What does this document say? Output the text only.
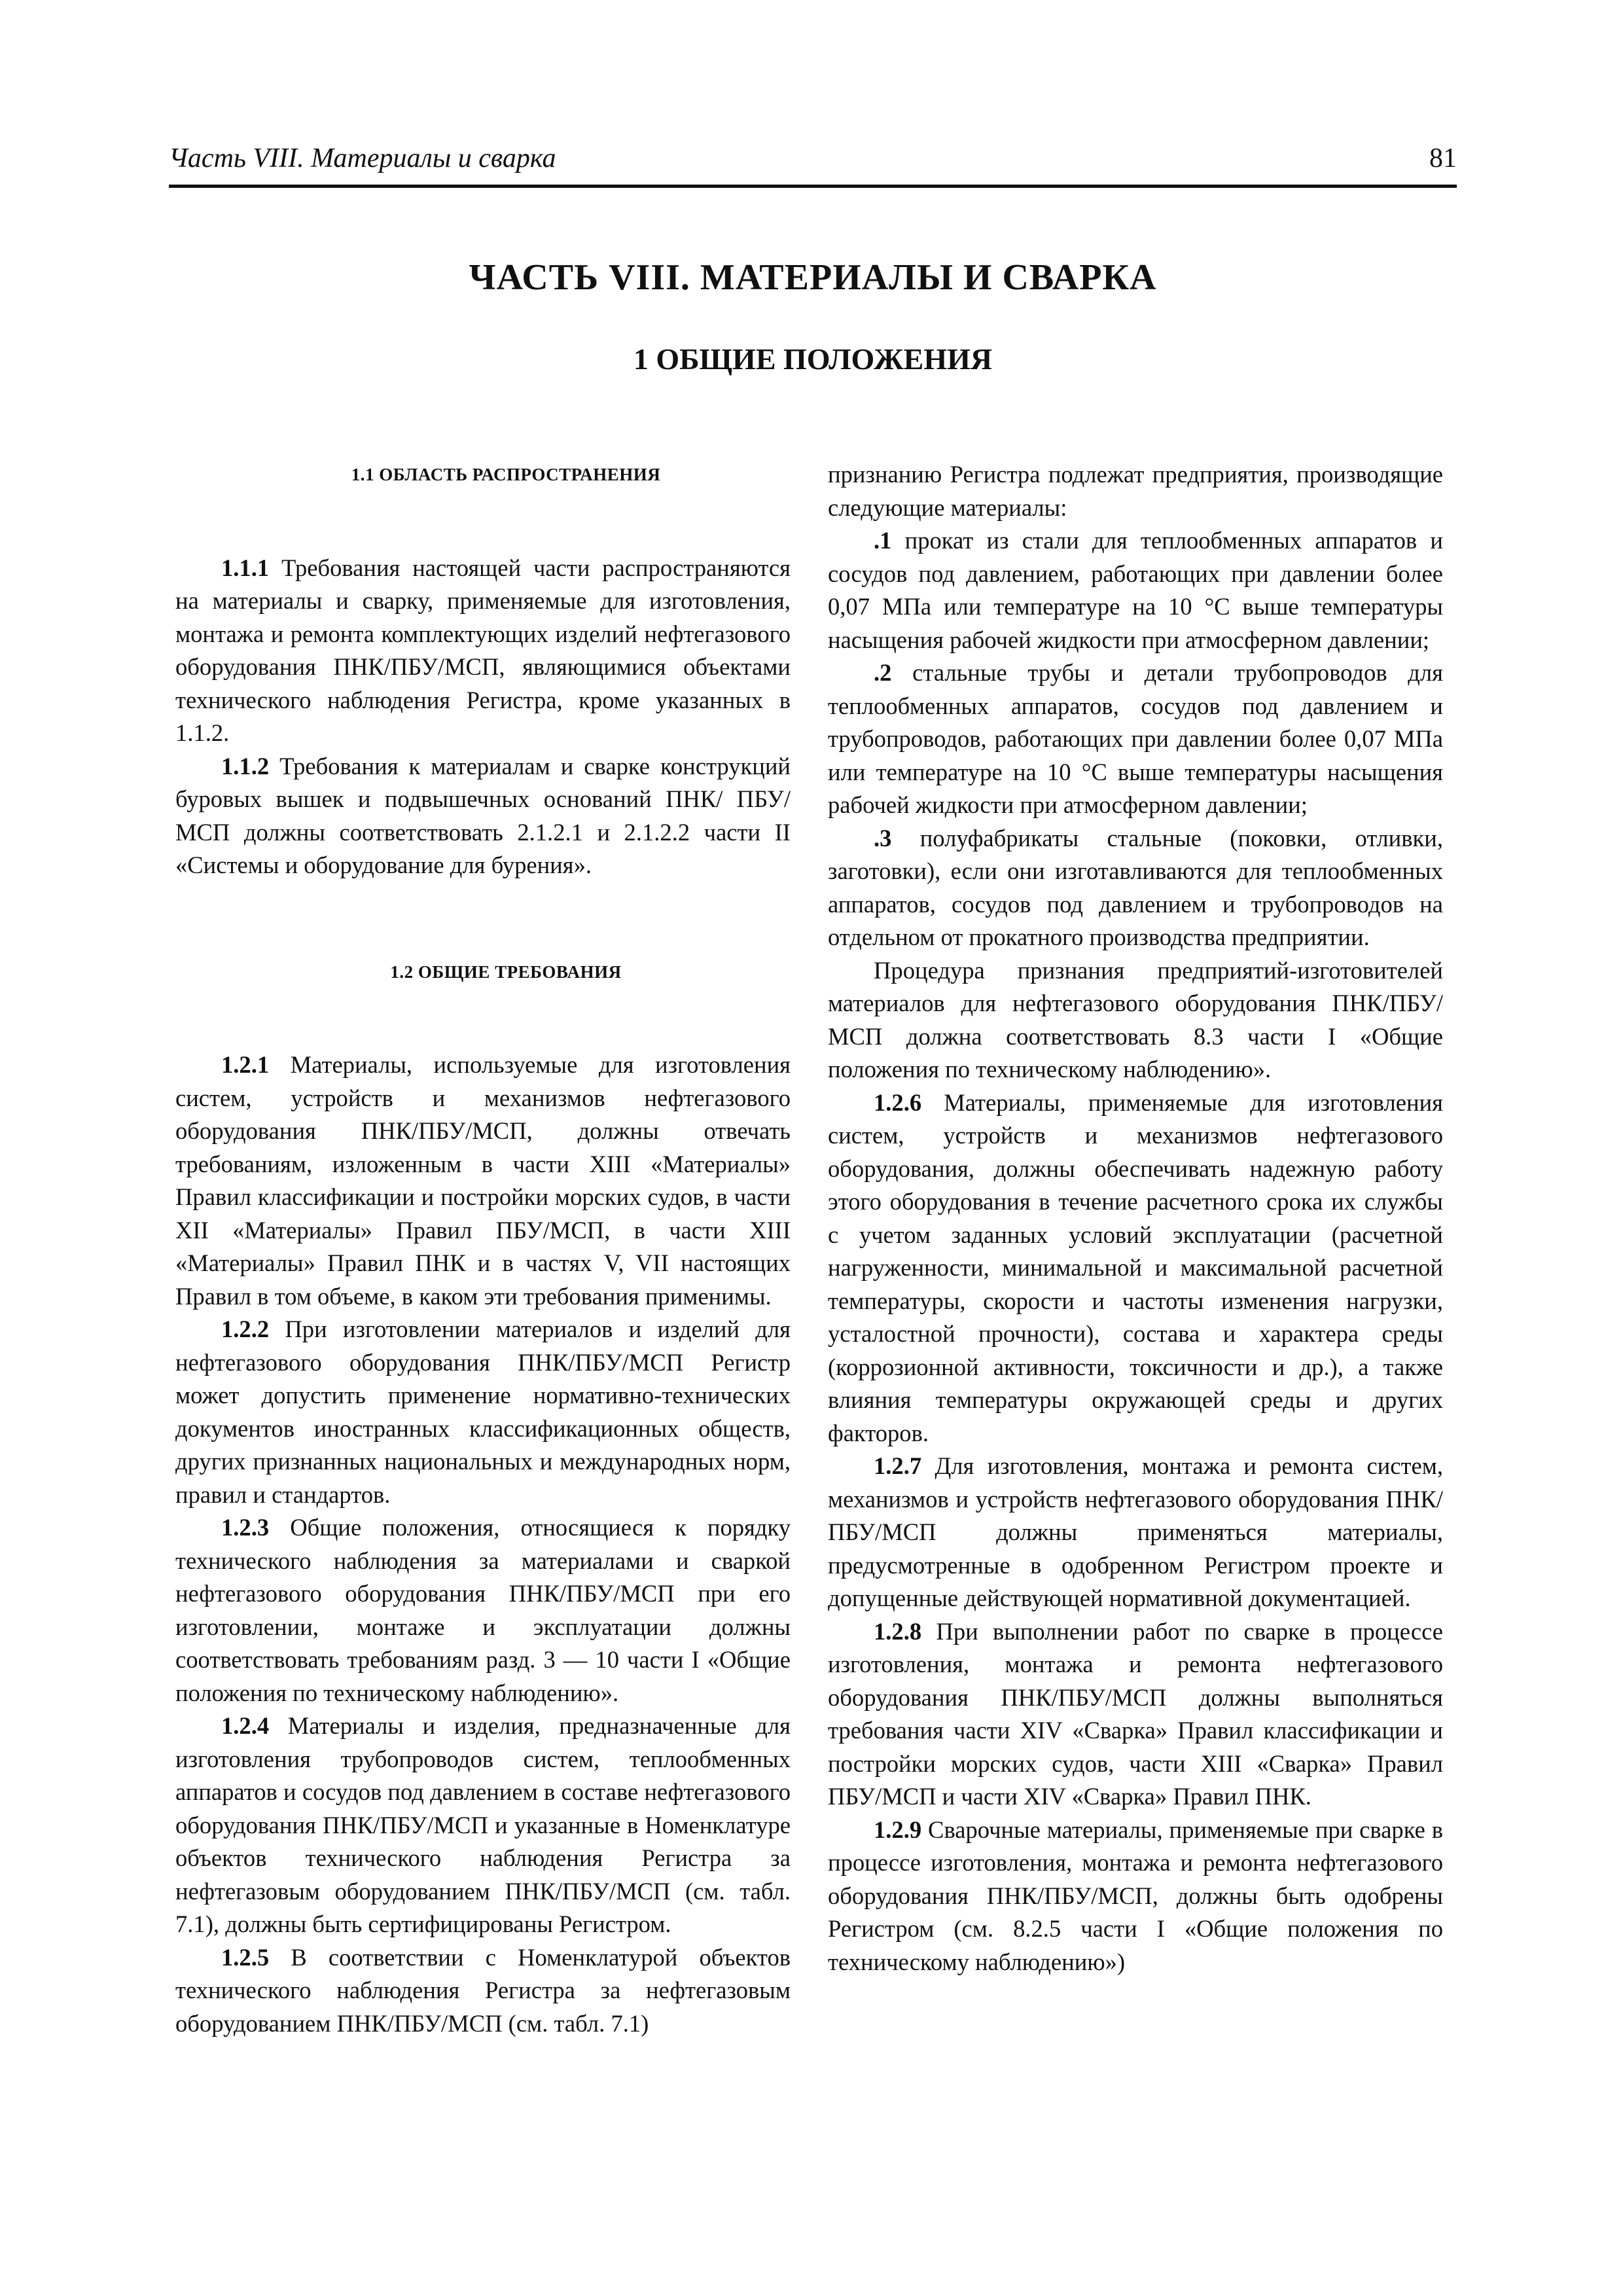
Часть VIII. Материалы и сварка	81
ЧАСТЬ VIII. МАТЕРИАЛЫ И СВАРКА
1 ОБЩИЕ ПОЛОЖЕНИЯ

1.1 ОБЛАСТЬ РАСПРОСТРАНЕНИЯ

1.1.1 Требования настоящей части распространяются на материалы и сварку, применяемые для изготовления, монтажа и ремонта комплектующих изделий нефтегазового оборудования ПНК/ПБУ/МСП, являющимися объектами технического наблюдения Регистра, кроме указанных в 1.1.2.

1.1.2 Требования к материалам и сварке конструкций буровых вышек и подвышечных оснований ПНК/ ПБУ/МСП должны соответствовать 2.1.2.1 и 2.1.2.2 части II «Системы и оборудование для бурения».

1.2 ОБЩИЕ ТРЕБОВАНИЯ

1.2.1 Материалы, используемые для изготовления систем, устройств и механизмов нефтегазового оборудования ПНК/ПБУ/МСП, должны отвечать требованиям, изложенным в части XIII «Материалы» Правил классификации и постройки морских судов, в части XII «Материалы» Правил ПБУ/МСП, в части XIII «Материалы» Правил ПНК и в частях V, VII настоящих Правил в том объеме, в каком эти требования применимы.

1.2.2 При изготовлении материалов и изделий для нефтегазового оборудования ПНК/ПБУ/МСП Регистр может допустить применение нормативно-технических документов иностранных классификационных обществ, других признанных национальных и международных норм, правил и стандартов.

1.2.3 Общие положения, относящиеся к порядку технического наблюдения за материалами и сваркой нефтегазового оборудования ПНК/ПБУ/МСП при его изготовлении, монтаже и эксплуатации должны соответствовать требованиям разд. 3 — 10 части I «Общие положения по техническому наблюдению».

1.2.4 Материалы и изделия, предназначенные для изготовления трубопроводов систем, теплообменных аппаратов и сосудов под давлением в составе нефтегазового оборудования ПНК/ПБУ/МСП и указанные в Номенклатуре объектов технического наблюдения Регистра за нефтегазовым оборудованием ПНК/ПБУ/МСП (см. табл. 7.1), должны быть сертифицированы Регистром.

1.2.5 В соответствии с Номенклатурой объектов технического наблюдения Регистра за нефтегазовым оборудованием ПНК/ПБУ/МСП (см. табл. 7.1)

признанию Регистра подлежат предприятия, производящие следующие материалы:

.1 прокат из стали для теплообменных аппаратов и сосудов под давлением, работающих при давлении более 0,07 МПа или температуре на 10 °С выше температуры насыщения рабочей жидкости при атмосферном давлении;

.2 стальные трубы и детали трубопроводов для теплообменных аппаратов, сосудов под давлением и трубопроводов, работающих при давлении более 0,07 МПа или температуре на 10 °С выше температуры насыщения рабочей жидкости при атмосферном давлении;

.3 полуфабрикаты стальные (поковки, отливки, заготовки), если они изготавливаются для теплообменных аппаратов, сосудов под давлением и трубопроводов на отдельном от прокатного производства предприятии.

Процедура признания предприятий-изготовителей материалов для нефтегазового оборудования ПНК/ПБУ/МСП должна соответствовать 8.3 части I «Общие положения по техническому наблюдению».

1.2.6 Материалы, применяемые для изготовления систем, устройств и механизмов нефтегазового оборудования, должны обеспечивать надежную работу этого оборудования в течение расчетного срока их службы с учетом заданных условий эксплуатации (расчетной нагруженности, минимальной и максимальной расчетной температуры, скорости и частоты изменения нагрузки, усталостной прочности), состава и характера среды (коррозионной активности, токсичности и др.), а также влияния температуры окружающей среды и других факторов.

1.2.7 Для изготовления, монтажа и ремонта систем, механизмов и устройств нефтегазового оборудования ПНК/ПБУ/МСП должны применяться материалы, предусмотренные в одобренном Регистром проекте и допущенные действующей нормативной документацией.

1.2.8 При выполнении работ по сварке в процессе изготовления, монтажа и ремонта нефтегазового оборудования ПНК/ПБУ/МСП должны выполняться требования части XIV «Сварка» Правил классификации и постройки морских судов, части XIII «Сварка» Правил ПБУ/МСП и части XIV «Сварка» Правил ПНК.

1.2.9 Сварочные материалы, применяемые при сварке в процессе изготовления, монтажа и ремонта нефтегазового оборудования ПНК/ПБУ/МСП, должны быть одобрены Регистром (см. 8.2.5 части I «Общие положения по техническому наблюдению»)
